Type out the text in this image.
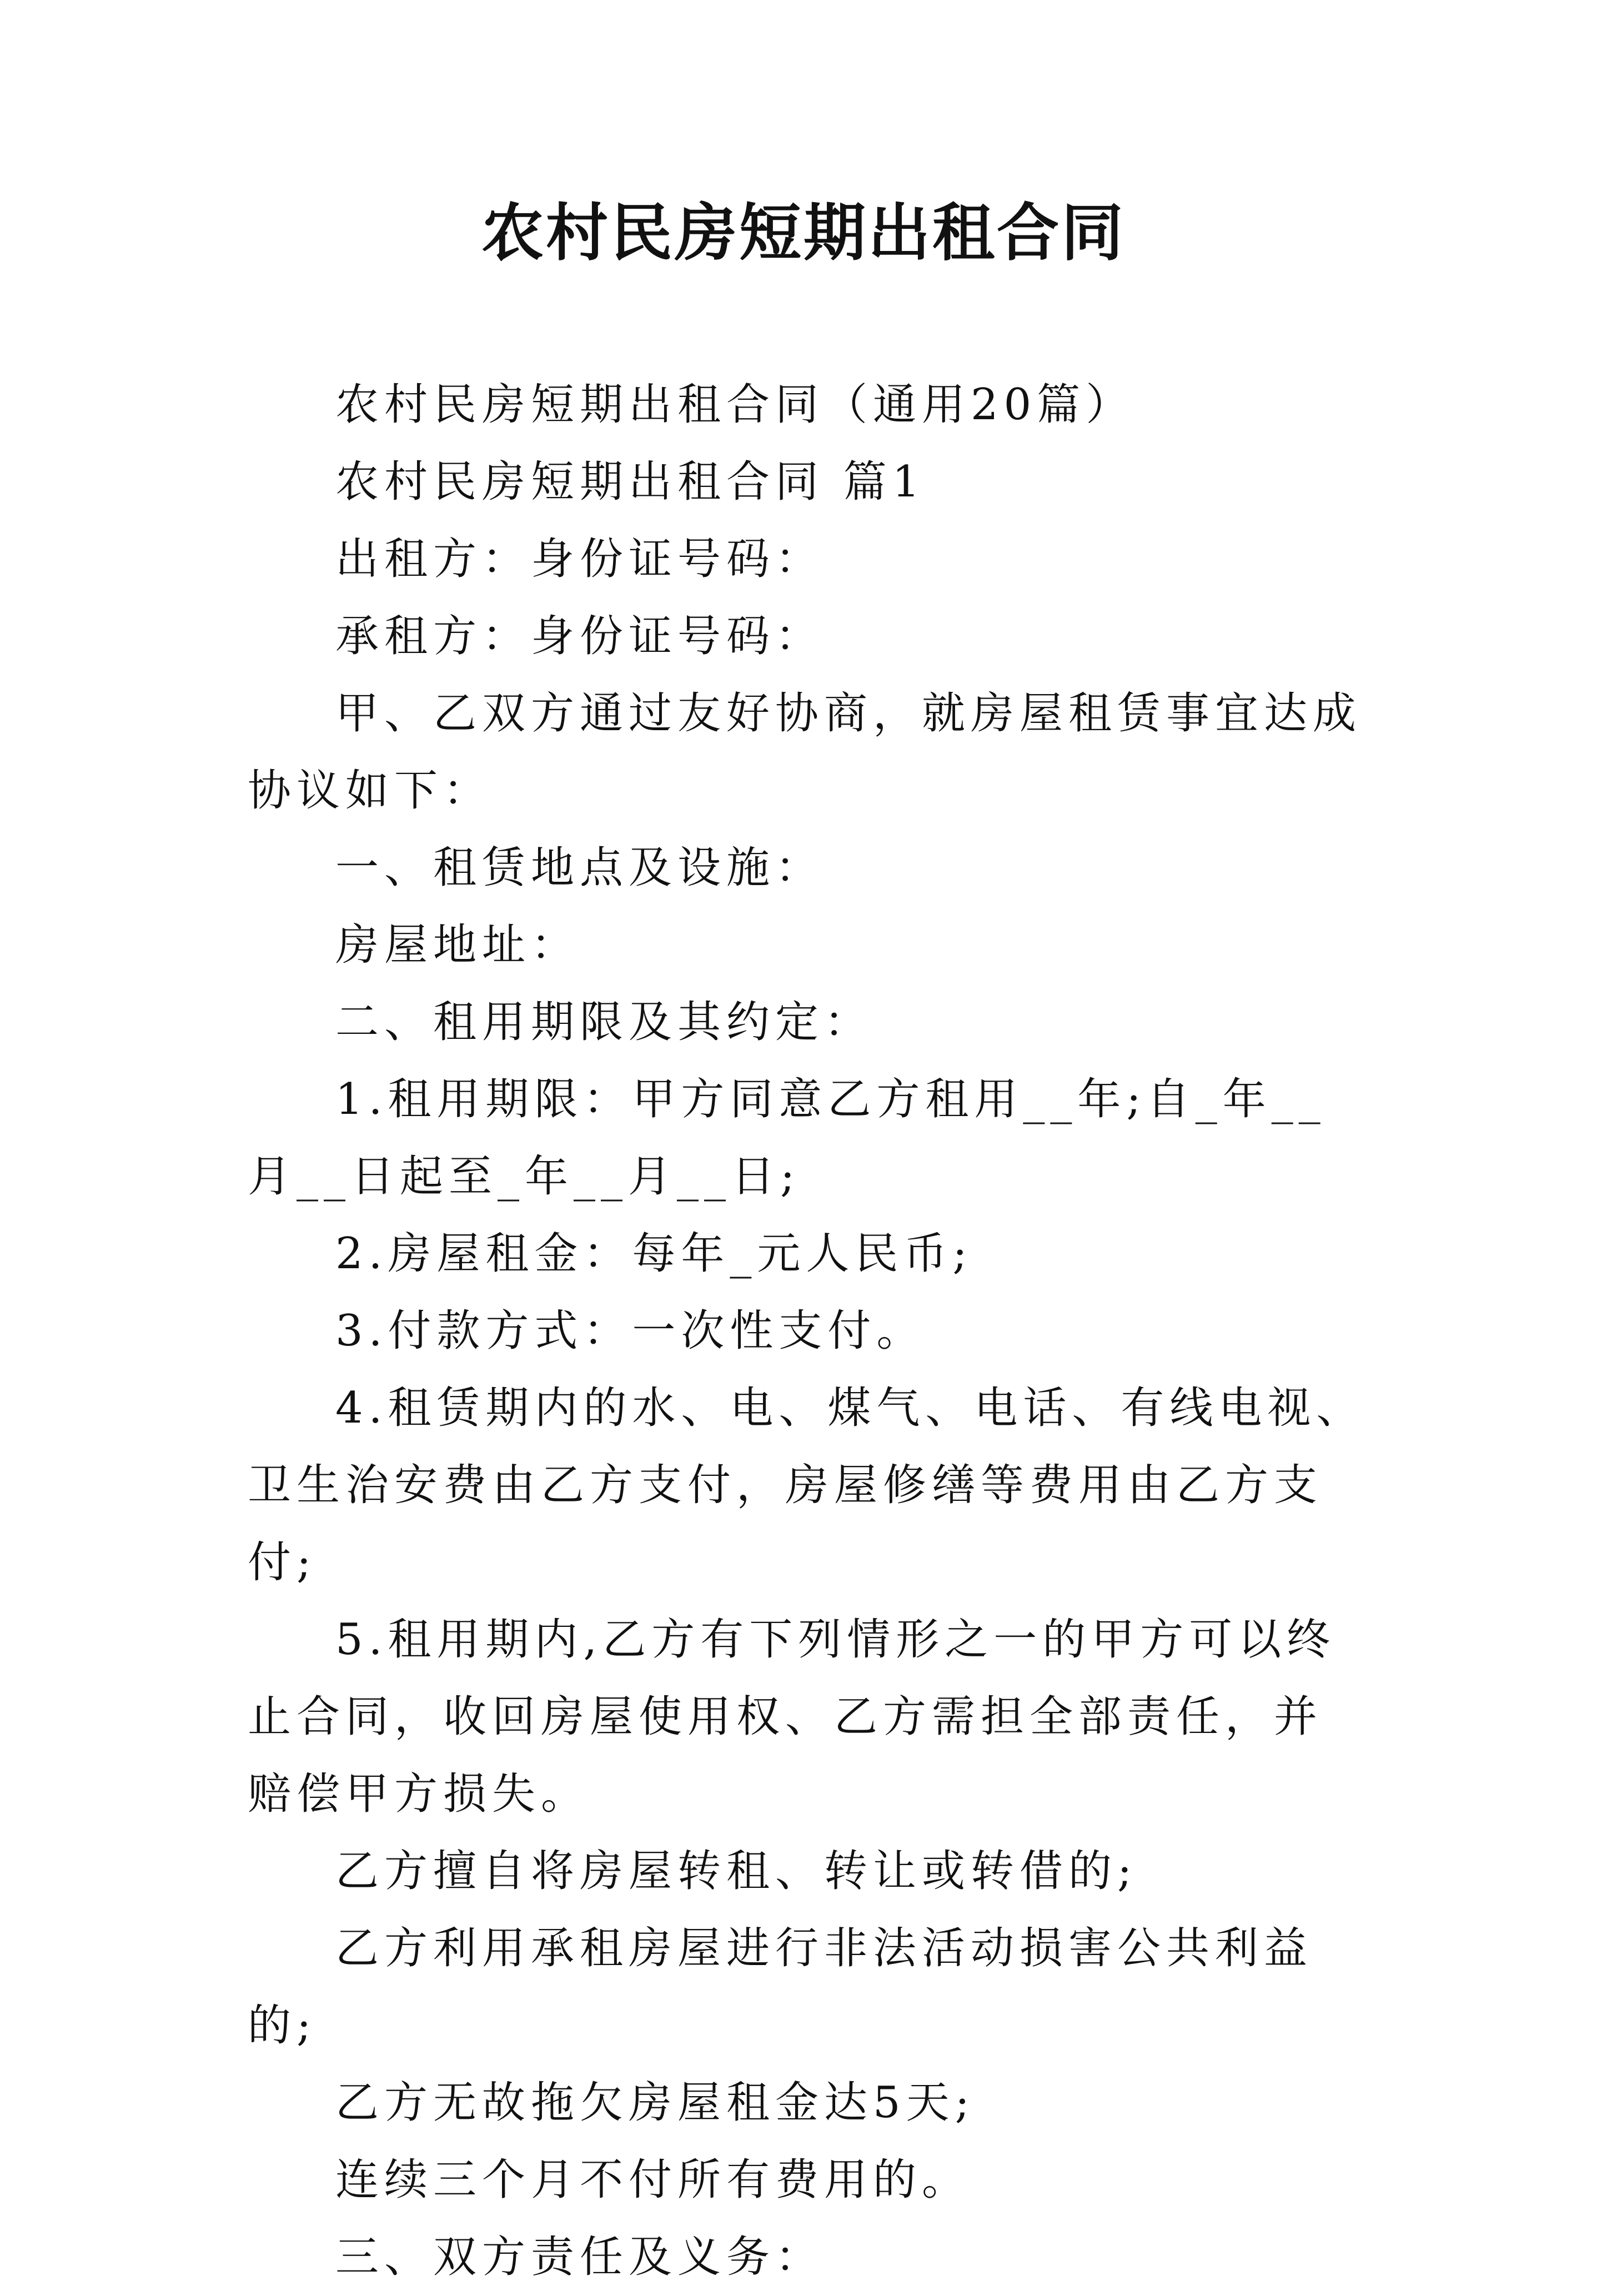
农村民房短期出租合同

农村民房短期出租合同（通用20篇）

农村民房短期出租合同 篇1

出租方：身份证号码：

承租方：身份证号码：

甲、乙双方通过友好协商，就房屋租赁事宜达成协议如下：

一、租赁地点及设施：

房屋地址：

二、租用期限及其约定：

1.租用期限：甲方同意乙方租用__年;自_年__月__日起至_年__月__日;

2.房屋租金：每年_元人民币;

3.付款方式：一次性支付。

4.租赁期内的水、电、煤气、电话、有线电视、卫生治安费由乙方支付，房屋修缮等费用由乙方支付;

5.租用期内,乙方有下列情形之一的甲方可以终止合同，收回房屋使用权、乙方需担全部责任，并赔偿甲方损失。

乙方擅自将房屋转租、转让或转借的;

乙方利用承租房屋进行非法活动损害公共利益的;

乙方无故拖欠房屋租金达5天;

连续三个月不付所有费用的。

三、双方责任及义务：
